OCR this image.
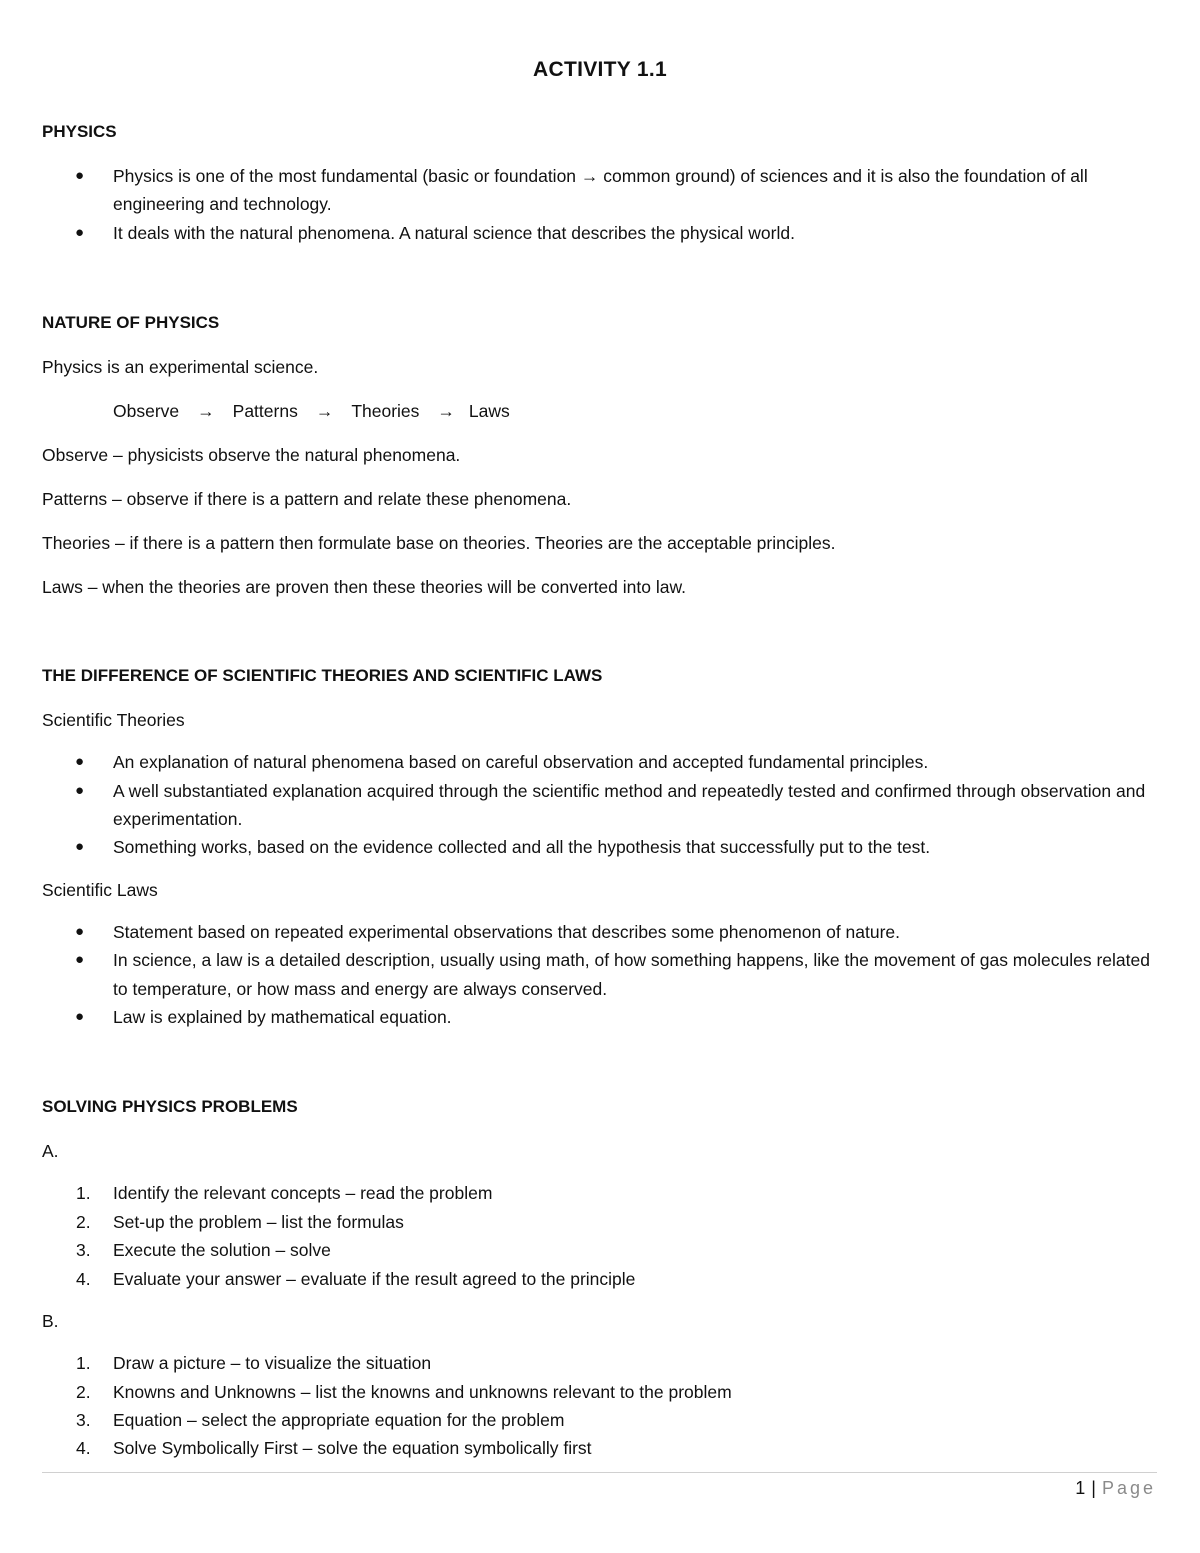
ACTIVITY 1.1
PHYSICS
● Physics is one of the most fundamental (basic or foundation → common ground) of sciences and it is also the foundation of all engineering and technology.
● It deals with the natural phenomena. A natural science that describes the physical world.
NATURE OF PHYSICS

Physics is an experimental science.

Observe → Patterns → Theories → Laws

Observe – physicists observe the natural phenomena.

Patterns – observe if there is a pattern and relate these phenomena.

Theories – if there is a pattern then formulate base on theories. Theories are the acceptable principles.

Laws – when the theories are proven then these theories will be converted into law.

THE DIFFERENCE OF SCIENTIFIC THEORIES AND SCIENTIFIC LAWS

Scientific Theories

● An explanation of natural phenomena based on careful observation and accepted fundamental principles.
● A well substantiated explanation acquired through the scientific method and repeatedly tested and confirmed through observation and experimentation.
● Something works, based on the evidence collected and all the hypothesis that successfully put to the test.

Scientific Laws

● Statement based on repeated experimental observations that describes some phenomenon of nature.
● In science, a law is a detailed description, usually using math, of how something happens, like the movement of gas molecules related to temperature, or how mass and energy are always conserved.
● Law is explained by mathematical equation.
SOLVING PHYSICS PROBLEMS

A.

1. Identify the relevant concepts – read the problem
2. Set-up the problem – list the formulas
3. Execute the solution – solve
4. Evaluate your answer – evaluate if the result agreed to the principle

B.

1. Draw a picture – to visualize the situation
2. Knowns and Unknowns – list the knowns and unknowns relevant to the problem
3. Equation – select the appropriate equation for the problem
4. Solve Symbolically First – solve the equation symbolically first
1 | Page
